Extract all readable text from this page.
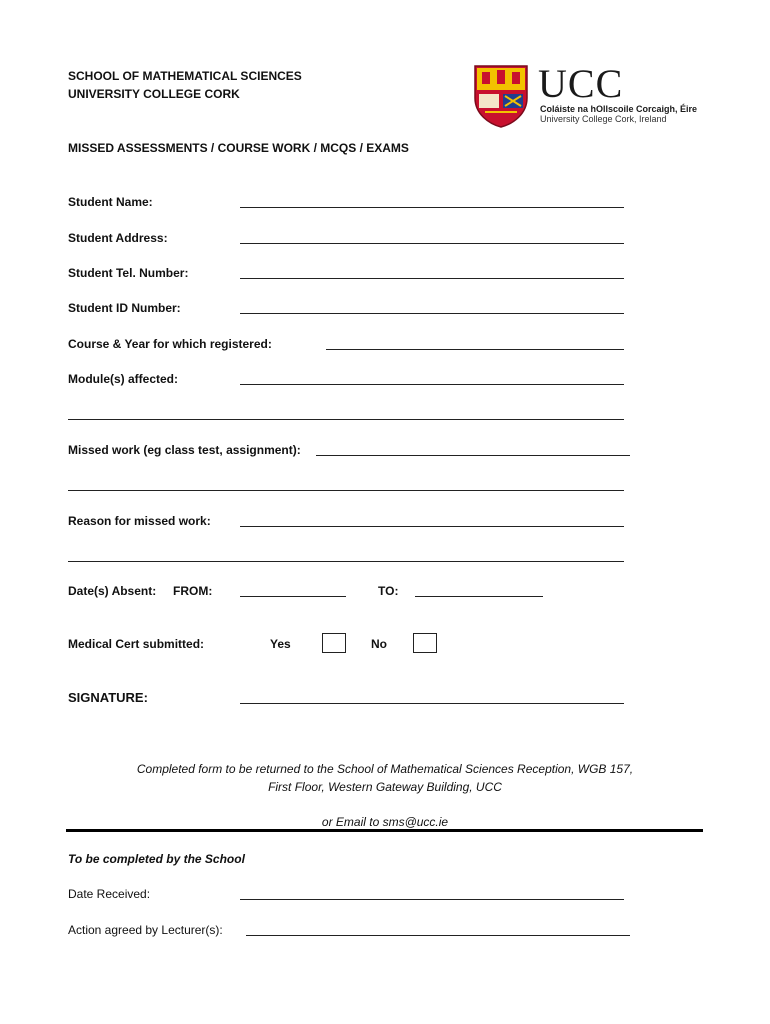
SCHOOL OF MATHEMATICAL SCIENCES
UNIVERSITY COLLEGE CORK	UCC
Coláiste na hOllscoile Corcaigh, Éire
University College Cork, Ireland
MISSED ASSESSMENTS / COURSE WORK / MCQS / EXAMS
Student Name:
Student Address:
Student Tel. Number:
Student ID Number:
Course & Year for which registered:
Module(s) affected:
Missed work (eg class test, assignment):
Reason for missed work:
Date(s) Absent: FROM:	TO:
Medical Cert submitted:	Yes	No
SIGNATURE:
Completed form to be returned to the School of Mathematical Sciences Reception, WGB 157,
First Floor, Western Gateway Building, UCC
or Email to sms@ucc.ie
To be completed by the School
Date Received:
Action agreed by Lecturer(s):
